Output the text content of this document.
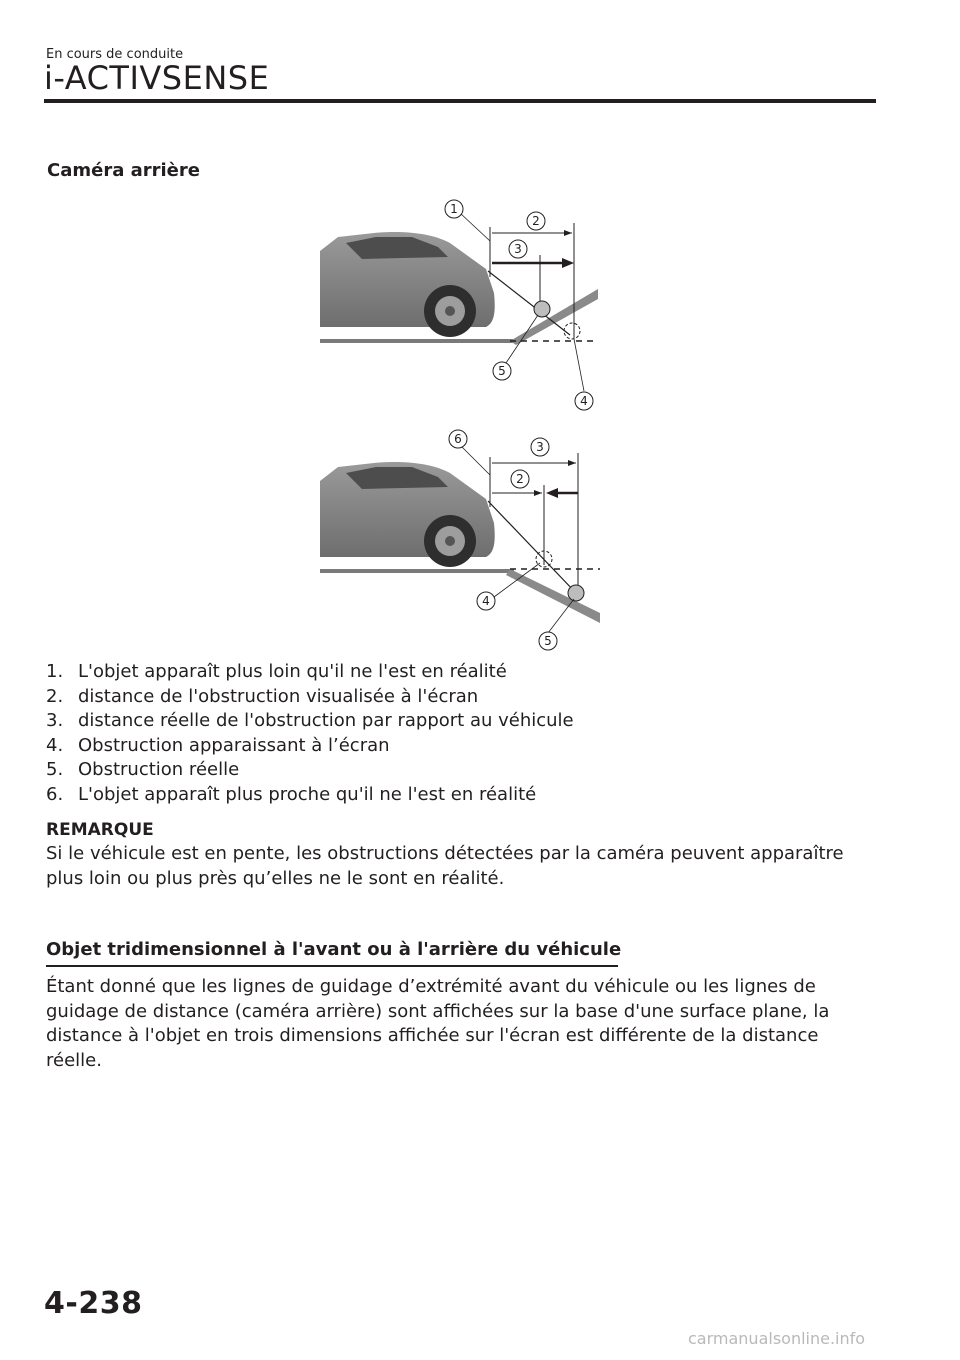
En cours de conduite
i-ACTIVSENSE
Caméra arrière
1
2
3
4
5
6
3
2
4
5
1. L'objet apparaît plus loin qu'il ne l'est en réalité
2. distance de l'obstruction visualisée à l'écran
3. distance réelle de l'obstruction par rapport au véhicule
4. Obstruction apparaissant à l’écran
5. Obstruction réelle
6. L'objet apparaît plus proche qu'il ne l'est en réalité
REMARQUE

Si le véhicule est en pente, les obstructions détectées par la caméra peuvent apparaître plus loin ou plus près qu’elles ne le sont en réalité.

Objet tridimensionnel à l'avant ou à l'arrière du véhicule

Étant donné que les lignes de guidage d’extrémité avant du véhicule ou les lignes de guidage de distance (caméra arrière) sont affichées sur la base d'une surface plane, la distance à l'objet en trois dimensions affichée sur l'écran est différente de la distance réelle.

4-238
carmanualsonline.info
